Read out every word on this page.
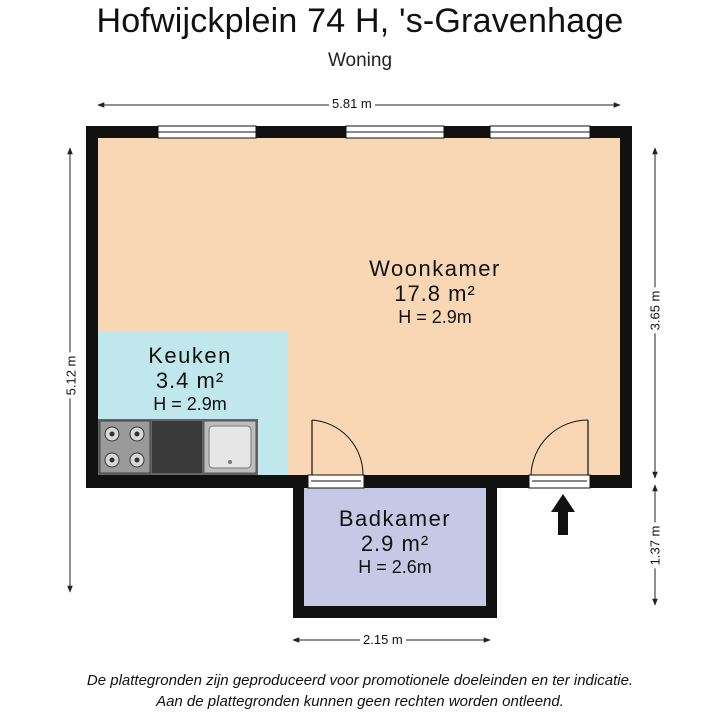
Hofwijckplein 74 H, 's-Gravenhage
Woning
Woonkamer
17.8 m²
H = 2.9m
Keuken
3.4 m²
H = 2.9m
Badkamer
2.9 m²
H = 2.6m
5.81 m
5.12 m
3.65 m
1.37 m
2.15 m
De plattegronden zijn geproduceerd voor promotionele doeleinden en ter indicatie.
Aan de plattegronden kunnen geen rechten worden ontleend.
